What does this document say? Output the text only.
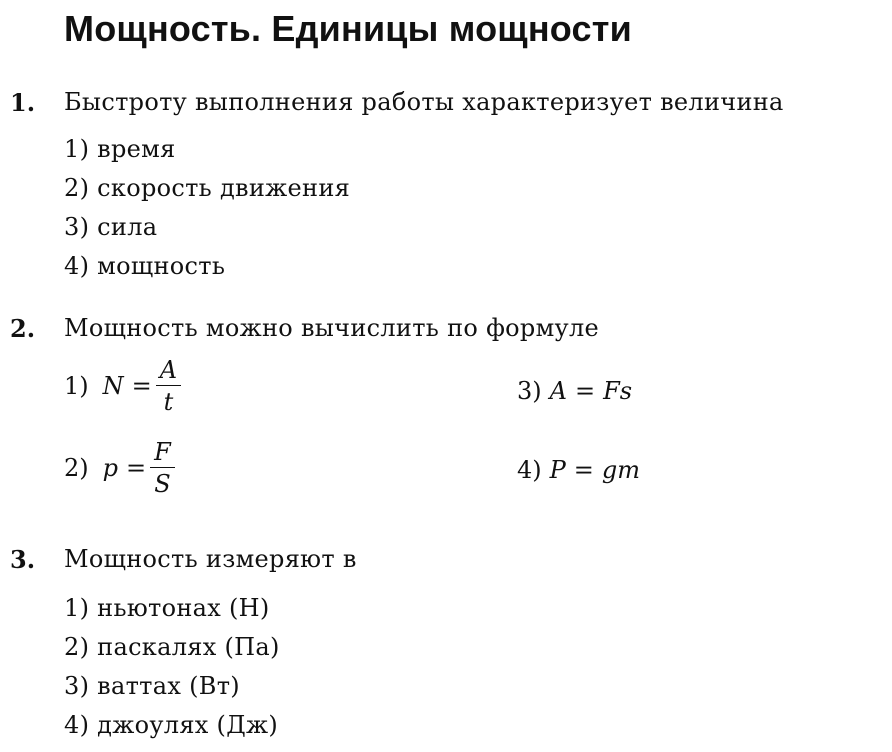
Мощность. Единицы мощности
1. Быстроту выполнения работы характеризует величина
1) время
2) скорость движения
3) сила
4) мощность
2. Мощность можно вычислить по формуле
1) $N = \frac{A}{t}$
2) $p = \frac{F}{S}$
3) A = Fs
4) P = gm
3. Мощность измеряют в
1) ньютонах (Н)
2) паскалях (Па)
3) ваттах (Вт)
4) джоулях (Дж)
